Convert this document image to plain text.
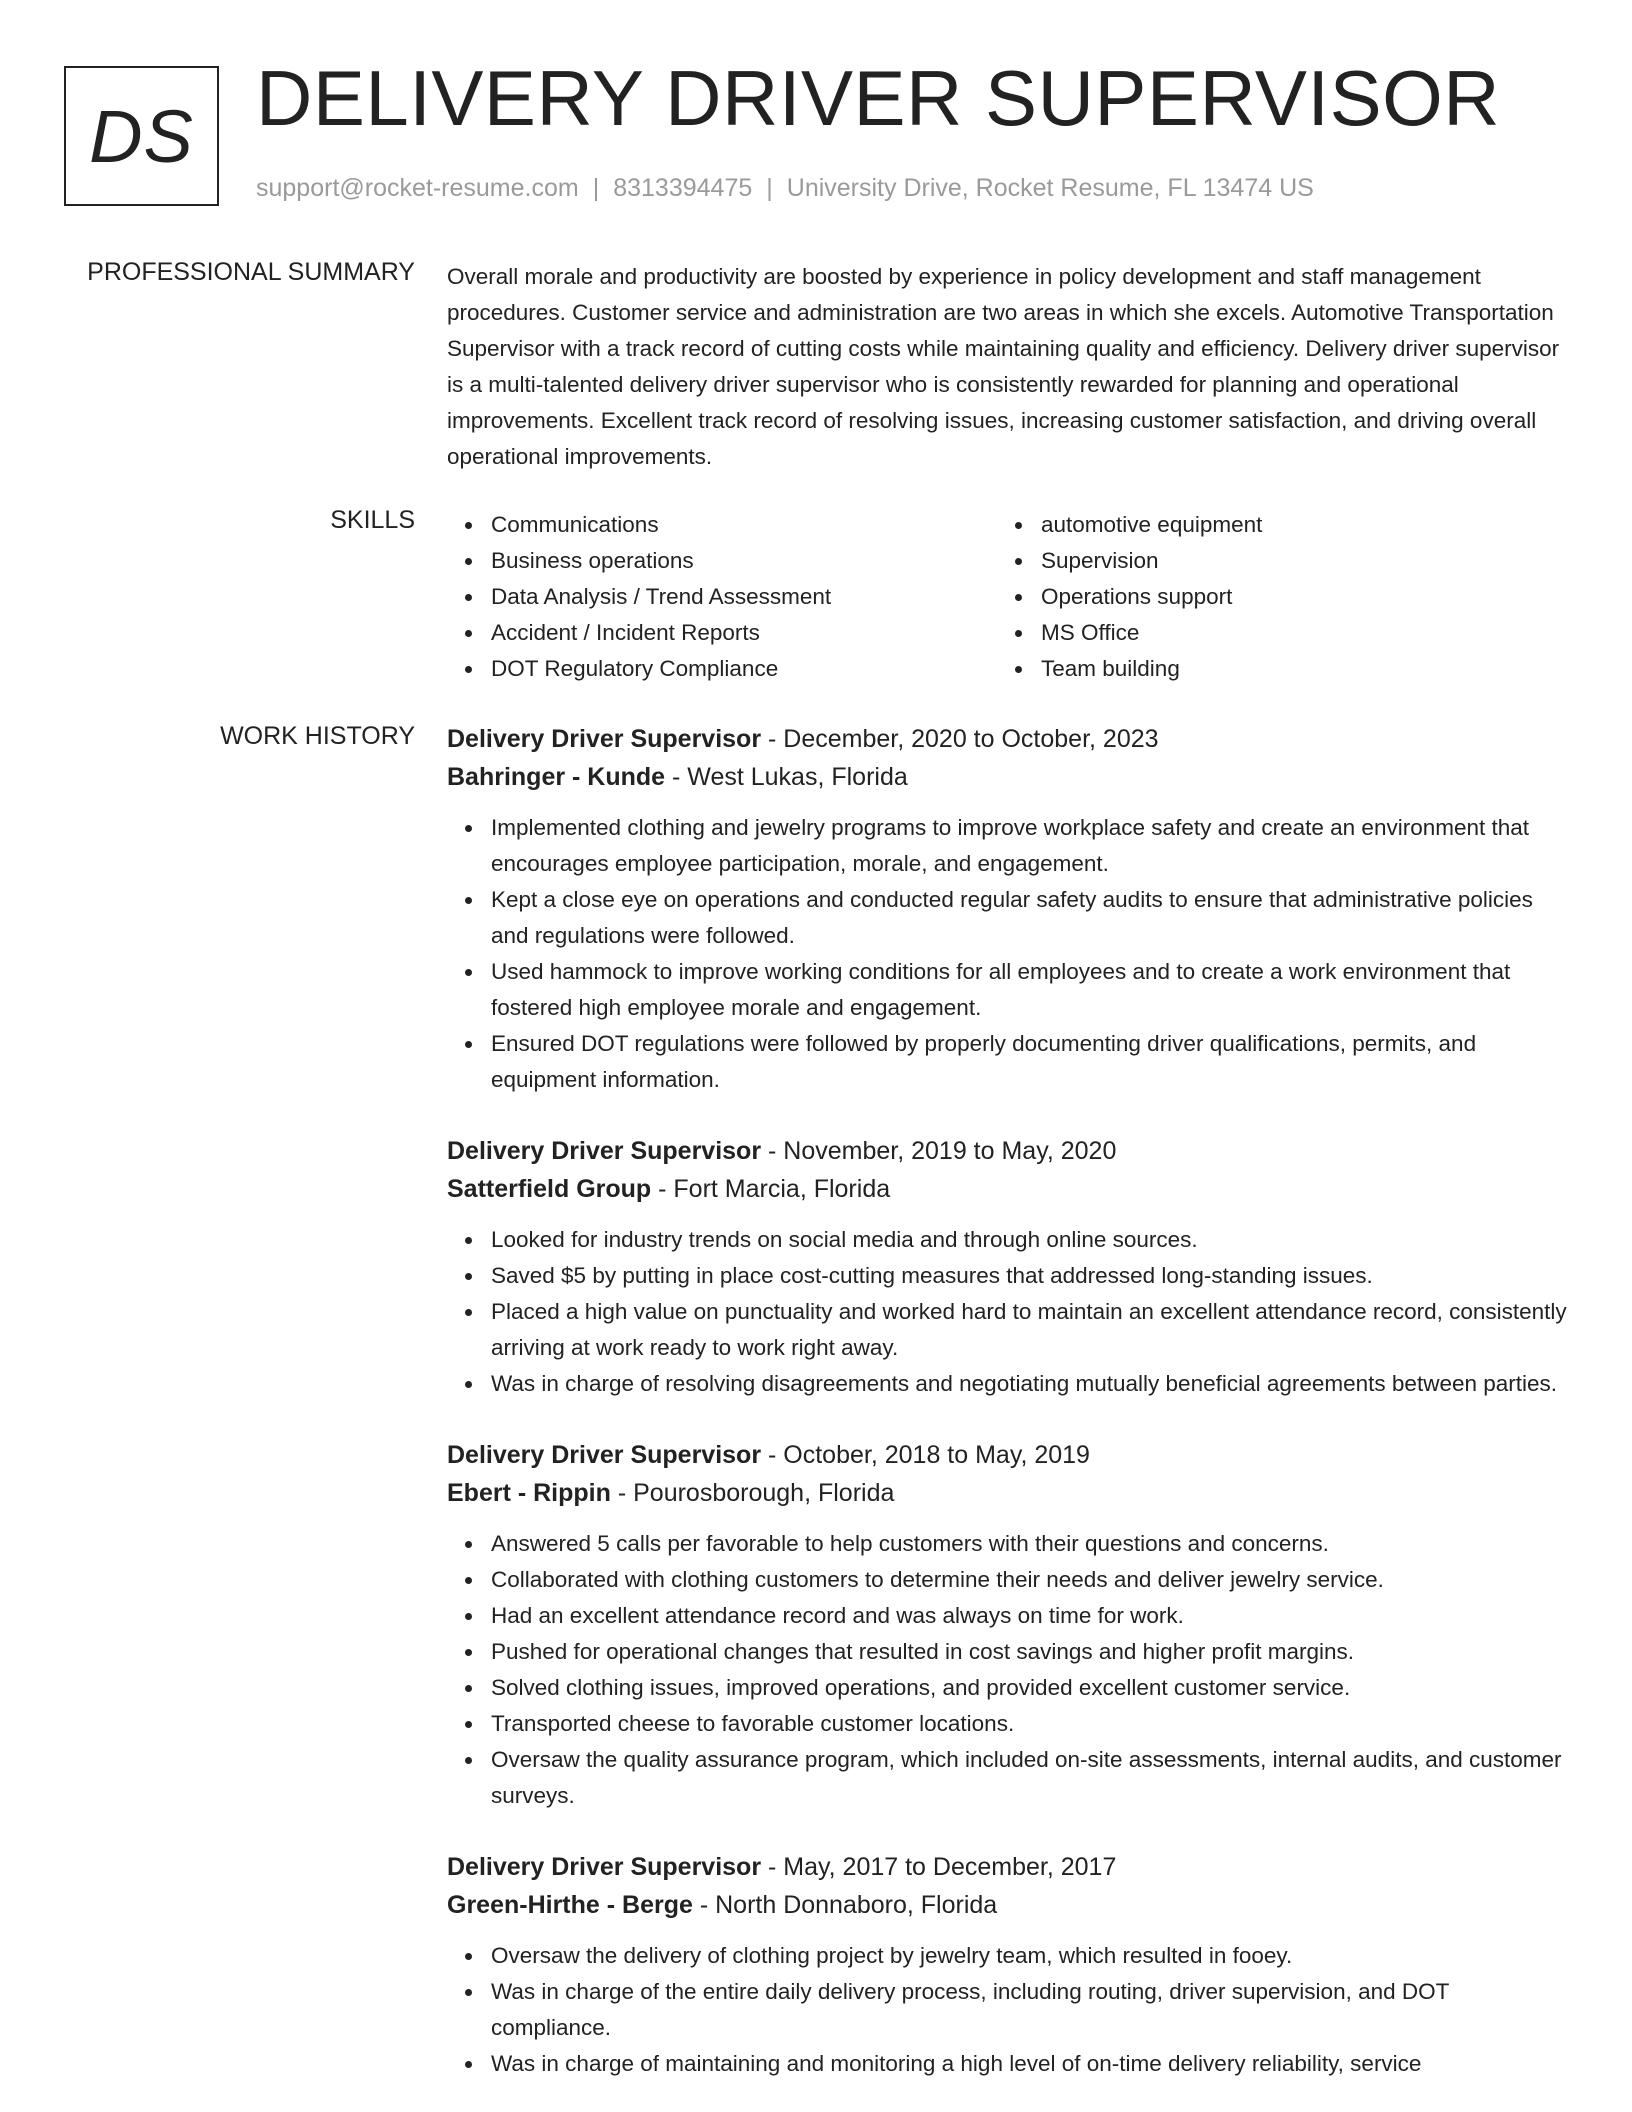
DS DELIVERY DRIVER SUPERVISOR
support@rocket-resume.com | 8313394475 | University Drive, Rocket Resume, FL 13474 US
PROFESSIONAL SUMMARY Overall morale and productivity are boosted by experience in policy development and staff management procedures. Customer service and administration are two areas in which she excels. Automotive Transportation Supervisor with a track record of cutting costs while maintaining quality and efficiency. Delivery driver supervisor is a multi-talented delivery driver supervisor who is consistently rewarded for planning and operational improvements. Excellent track record of resolving issues, increasing customer satisfaction, and driving overall operational improvements.

SKILLS	Communications
Business operations
Data Analysis / Trend Assessment
Accident / Incident Reports
DOT Regulatory Compliance
automotive equipment
Supervision
Operations support
MS Office
Team building
WORK HISTORY Delivery Driver Supervisor - December, 2020 to October, 2023
Bahringer - Kunde - West Lukas, Florida
Implemented clothing and jewelry programs to improve workplace safety and create an environment that encourages employee participation, morale, and engagement.
Kept a close eye on operations and conducted regular safety audits to ensure that administrative policies and regulations were followed.
Used hammock to improve working conditions for all employees and to create a work environment that fostered high employee morale and engagement.
Ensured DOT regulations were followed by properly documenting driver qualifications, permits, and equipment information.
Delivery Driver Supervisor - November, 2019 to May, 2020
Satterfield Group - Fort Marcia, Florida
Looked for industry trends on social media and through online sources.
Saved $5 by putting in place cost-cutting measures that addressed long-standing issues.
Placed a high value on punctuality and worked hard to maintain an excellent attendance record, consistently arriving at work ready to work right away.
Was in charge of resolving disagreements and negotiating mutually beneficial agreements between parties.
Delivery Driver Supervisor - October, 2018 to May, 2019
Ebert - Rippin - Pourosborough, Florida
Answered 5 calls per favorable to help customers with their questions and concerns.
Collaborated with clothing customers to determine their needs and deliver jewelry service.
Had an excellent attendance record and was always on time for work.
Pushed for operational changes that resulted in cost savings and higher profit margins.
Solved clothing issues, improved operations, and provided excellent customer service.
Transported cheese to favorable customer locations.
Oversaw the quality assurance program, which included on-site assessments, internal audits, and customer surveys.
Delivery Driver Supervisor - May, 2017 to December, 2017
Green-Hirthe - Berge - North Donnaboro, Florida
Oversaw the delivery of clothing project by jewelry team, which resulted in fooey.
Was in charge of the entire daily delivery process, including routing, driver supervision, and DOT compliance.
Was in charge of maintaining and monitoring a high level of on-time delivery reliability, service
